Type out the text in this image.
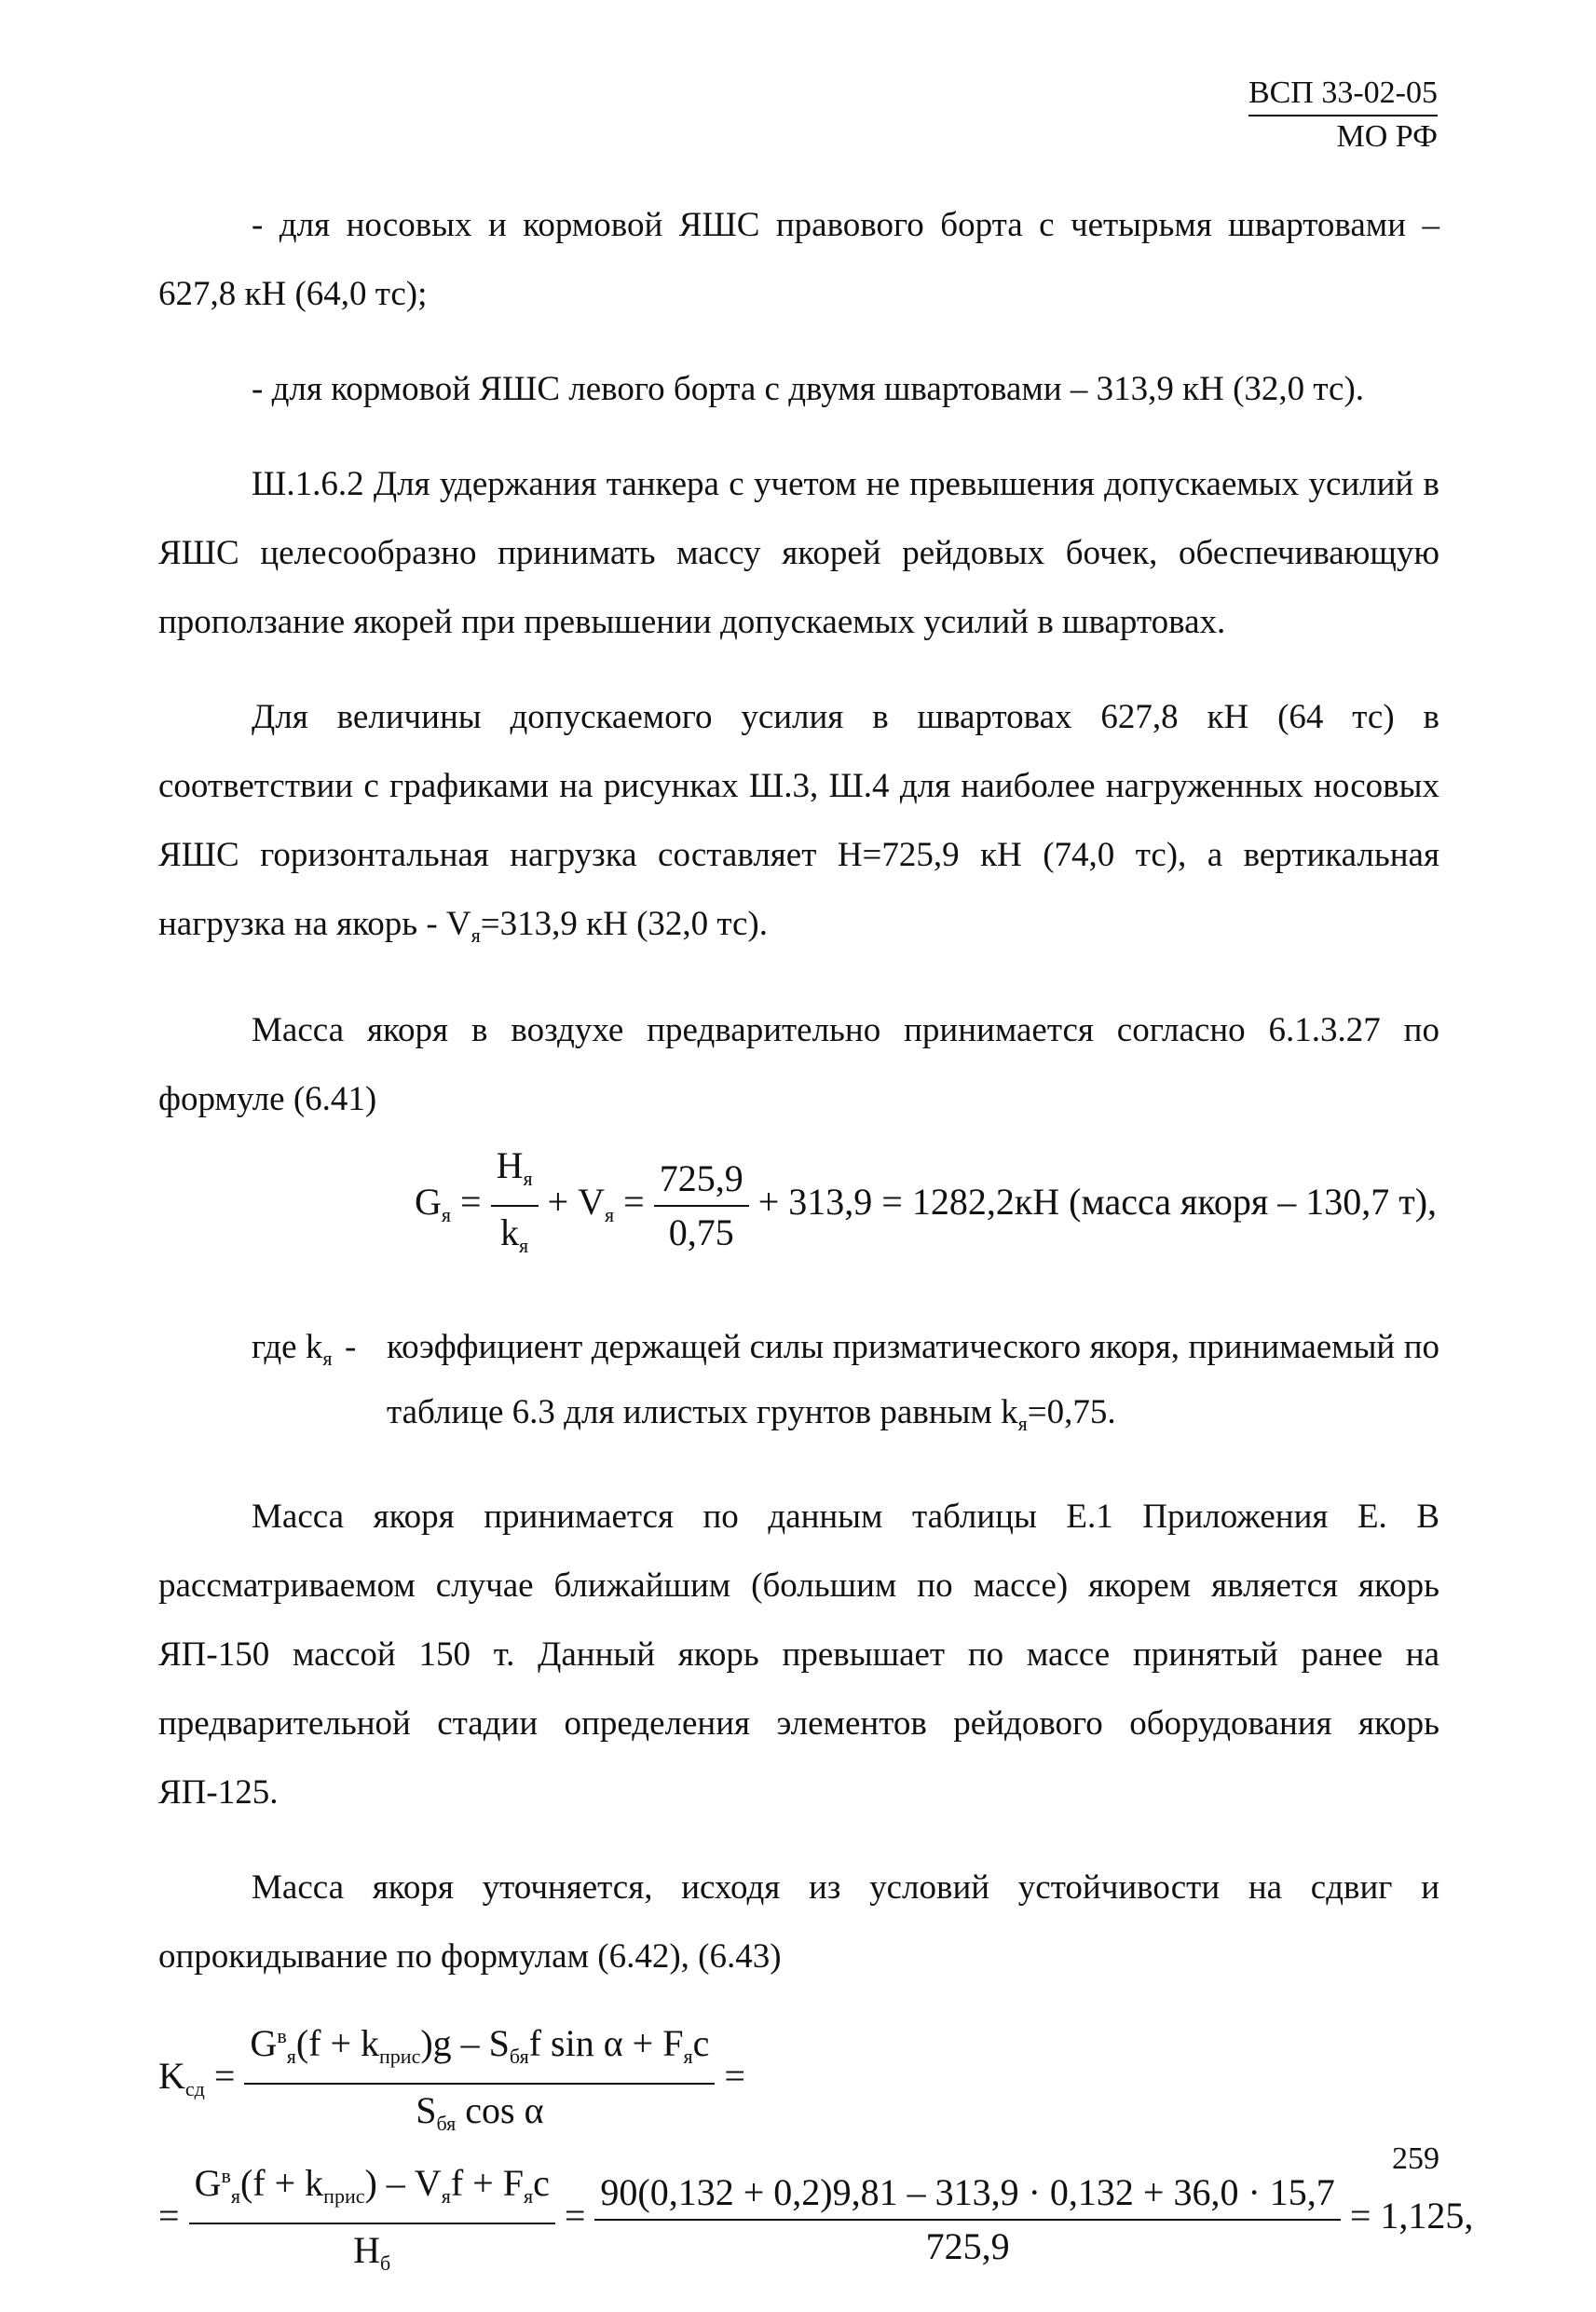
ВСП 33-02-05
МО РФ

- для носовых и кормовой ЯШС правового борта с четырьмя швартовами – 627,8 кН (64,0 тс);

- для кормовой ЯШС левого борта с двумя швартовами – 313,9 кН (32,0 тс).

Ш.1.6.2 Для удержания танкера с учетом не превышения допускаемых усилий в ЯШС целесообразно принимать массу якорей рейдовых бочек, обеспечивающую проползание якорей при превышении допускаемых усилий в швартовах.

Для величины допускаемого усилия в швартовах 627,8 кН (64 тс) в соответствии с графиками на рисунках Ш.3, Ш.4 для наиболее нагруженных носовых ЯШС горизонтальная нагрузка составляет Н=725,9 кН (74,0 тс), а вертикальная нагрузка на якорь - $V_я=313,9$ кН (32,0 тс).

Масса якоря в воздухе предварительно принимается согласно 6.1.3.27 по формуле (6.41)

$G_я = \frac{H_я}{k_я} + V_я = \frac{725,9}{0,75} + 313,9 = 1282,2кН$ (масса якоря – 130,7 т),
где $k_я$ - коэффициент держащей силы призматического якоря, принимаемый по таблице 6.3 для илистых грунтов равным $k_я=0,75$.

Масса якоря принимается по данным таблицы Е.1 Приложения Е. В рассматриваемом случае ближайшим (большим по массе) якорем является якорь ЯП-150 массой 150 т. Данный якорь превышает по массе принятый ранее на предварительной стадии определения элементов рейдового оборудования якорь ЯП-125.

Масса якоря уточняется, исходя из условий устойчивости на сдвиг и опрокидывание по формулам (6.42), (6.43)

$K_{сд} = \frac{G^в_я(f + k_{прис})g - S_{бя}f \sin \alpha + F_яc}{S_{бя} \cos \alpha}$ =
= $\frac{G^в_я(f + k_{прис}) - V_яf + F_яc}{H_б} = \frac{90(0,132 + 0,2)9,81 - 313,9 \cdot 0,132 + 36,0 \cdot 15,7}{725,9} = 1,125$,
259
